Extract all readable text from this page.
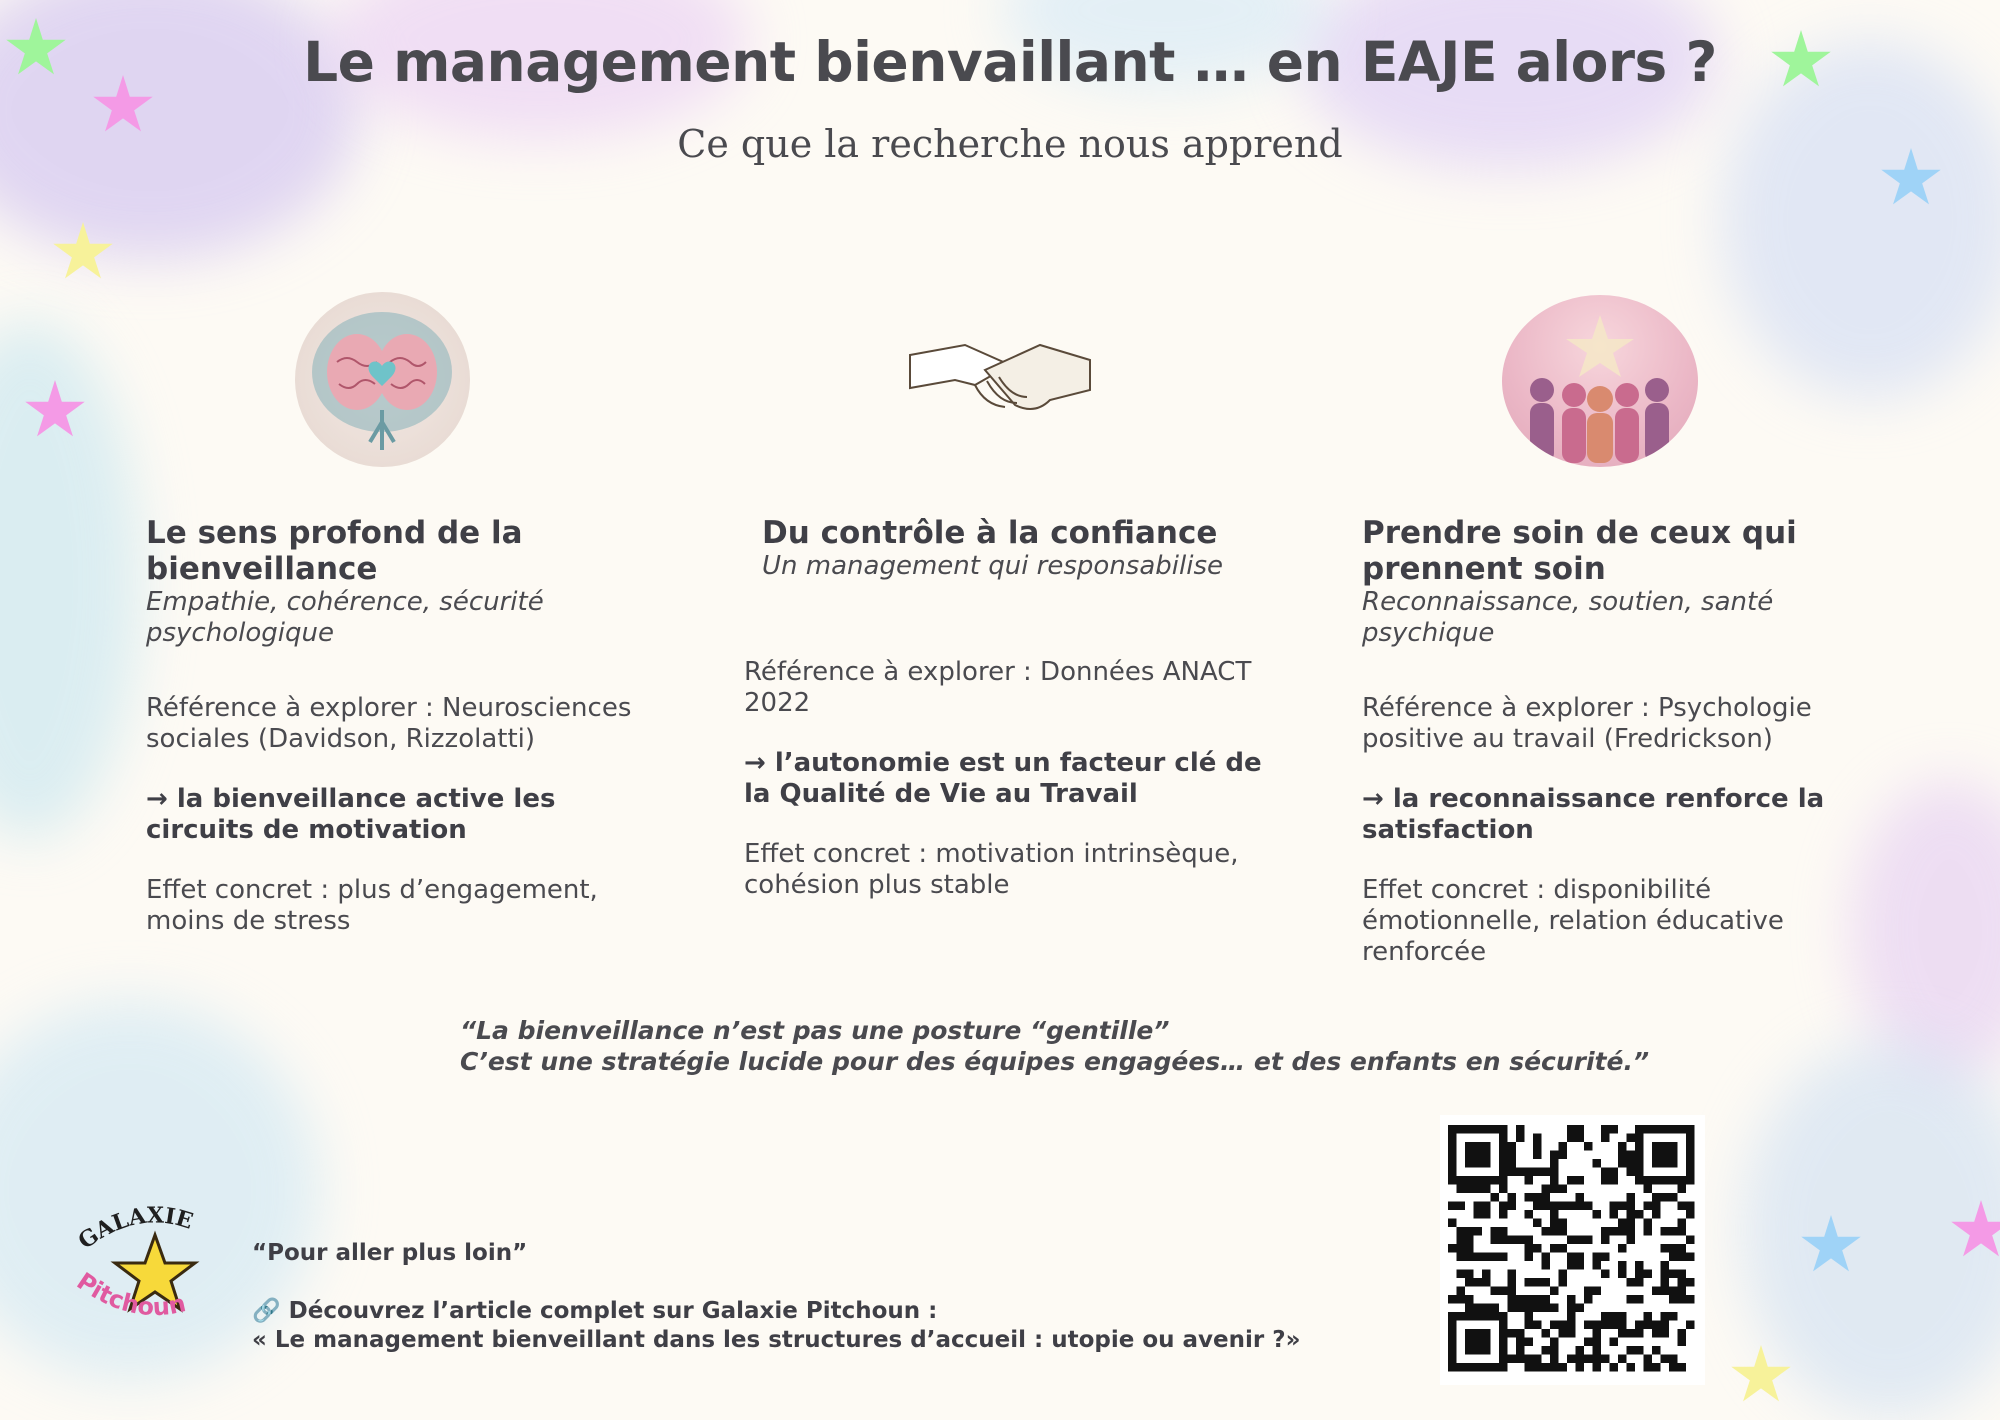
Le management bienvaillant … en EAJE alors ?
Ce que la recherche nous apprend
Le sens profond de la bienveillance
Empathie, cohérence, sécurité psychologique
Référence à explorer : Neurosciences sociales (Davidson, Rizzolatti)
→ la bienveillance active les circuits de motivation
Effet concret : plus d’engagement, moins de stress
Du contrôle à la confiance
Un management qui responsabilise
Référence à explorer : Données ANACT 2022
→ l’autonomie est un facteur clé de la Qualité de Vie au Travail
Effet concret : motivation intrinsèque, cohésion plus stable
Prendre soin de ceux qui prennent soin
Reconnaissance, soutien, santé psychique
Référence à explorer : Psychologie positive au travail (Fredrickson)
→ la reconnaissance renforce la satisfaction
Effet concret : disponibilité émotionnelle, relation éducative renforcée
“La bienveillance n’est pas une posture “gentille”
C’est une stratégie lucide pour des équipes engagées… et des enfants en sécurité.”
GALAXIE
Pitchoun
“Pour aller plus loin”
🔗 Découvrez l’article complet sur Galaxie Pitchoun :
« Le management bienveillant dans les structures d’accueil : utopie ou avenir ?»
